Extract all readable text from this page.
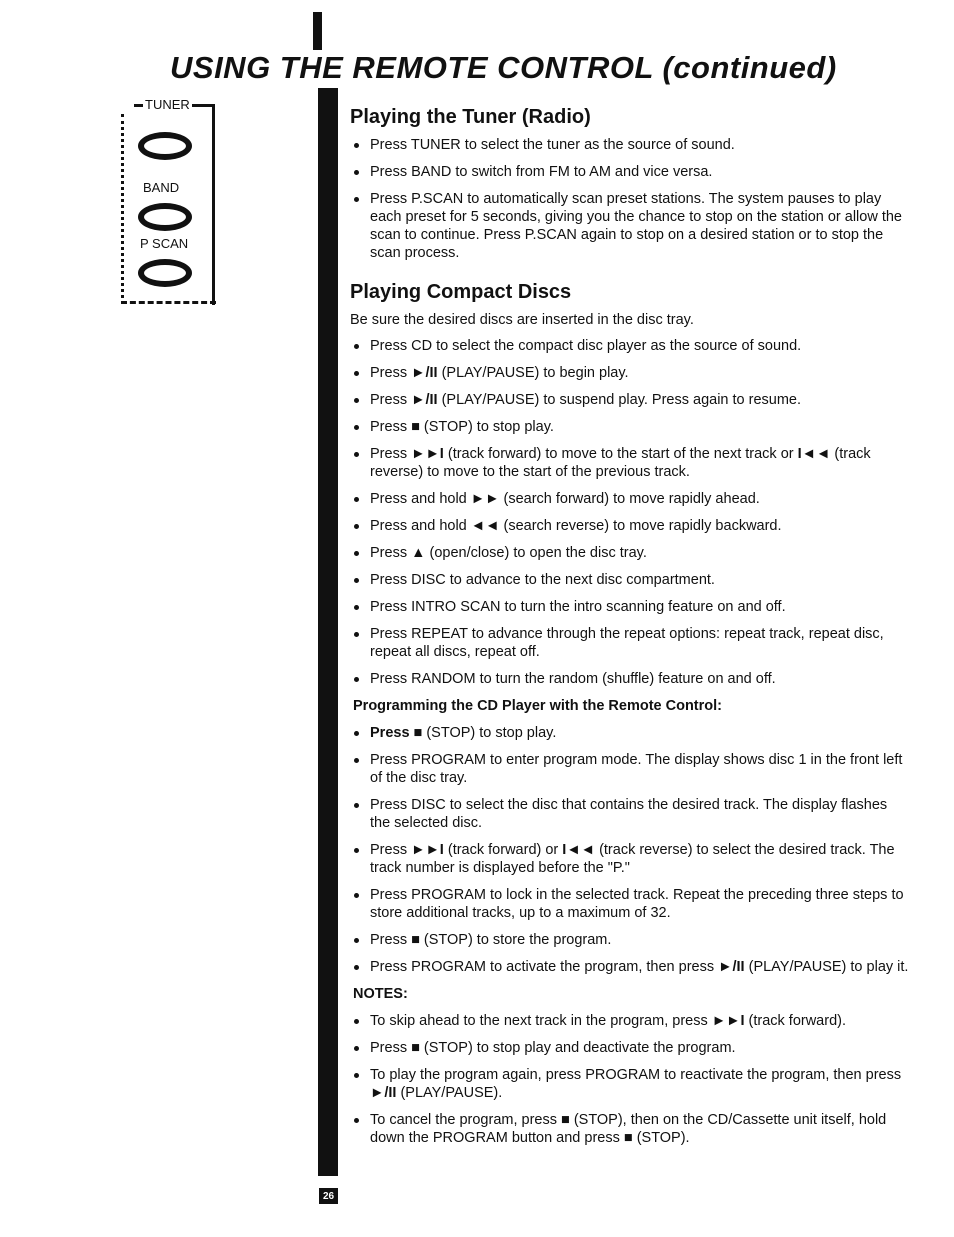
USING THE REMOTE CONTROL (continued)
26
TUNER
BAND
P SCAN
Playing the Tuner (Radio)
Press TUNER to select the tuner as the source of sound.
Press BAND to switch from FM to AM and vice versa.
Press P.SCAN to automatically scan preset stations. The system pauses to play each preset for 5 seconds, giving you the chance to stop on the station or allow the scan to continue. Press P.SCAN again to stop on a desired station or to stop the scan process.
Playing Compact Discs

Be sure the desired discs are inserted in the disc tray.

Press CD to select the compact disc player as the source of sound.
Press ►/II (PLAY/PAUSE) to begin play.
Press ►/II (PLAY/PAUSE) to suspend play. Press again to resume.
Press ■ (STOP) to stop play.
Press ►►I (track forward) to move to the start of the next track or I◄◄ (track reverse) to move to the start of the previous track.
Press and hold ►► (search forward) to move rapidly ahead.
Press and hold ◄◄ (search reverse) to move rapidly backward.
Press ▲ (open/close) to open the disc tray.
Press DISC to advance to the next disc compartment.
Press INTRO SCAN to turn the intro scanning feature on and off.
Press REPEAT to advance through the repeat options: repeat track, repeat disc, repeat all discs, repeat off.
Press RANDOM to turn the random (shuffle) feature on and off.

Programming the CD Player with the Remote Control:

Press ■ (STOP) to stop play.
Press PROGRAM to enter program mode. The display shows disc 1 in the front left of the disc tray.
Press DISC to select the disc that contains the desired track. The display flashes the selected disc.
Press ►►I (track forward) or I◄◄ (track reverse) to select the desired track. The track number is displayed before the "P."
Press PROGRAM to lock in the selected track. Repeat the preceding three steps to store additional tracks, up to a maximum of 32.
Press ■ (STOP) to store the program.
Press PROGRAM to activate the program, then press ►/II (PLAY/PAUSE) to play it.

NOTES:

To skip ahead to the next track in the program, press ►►I (track forward).
Press ■ (STOP) to stop play and deactivate the program.
To play the program again, press PROGRAM to reactivate the program, then press ►/II (PLAY/PAUSE).
To cancel the program, press ■ (STOP), then on the CD/Cassette unit itself, hold down the PROGRAM button and press ■ (STOP).
